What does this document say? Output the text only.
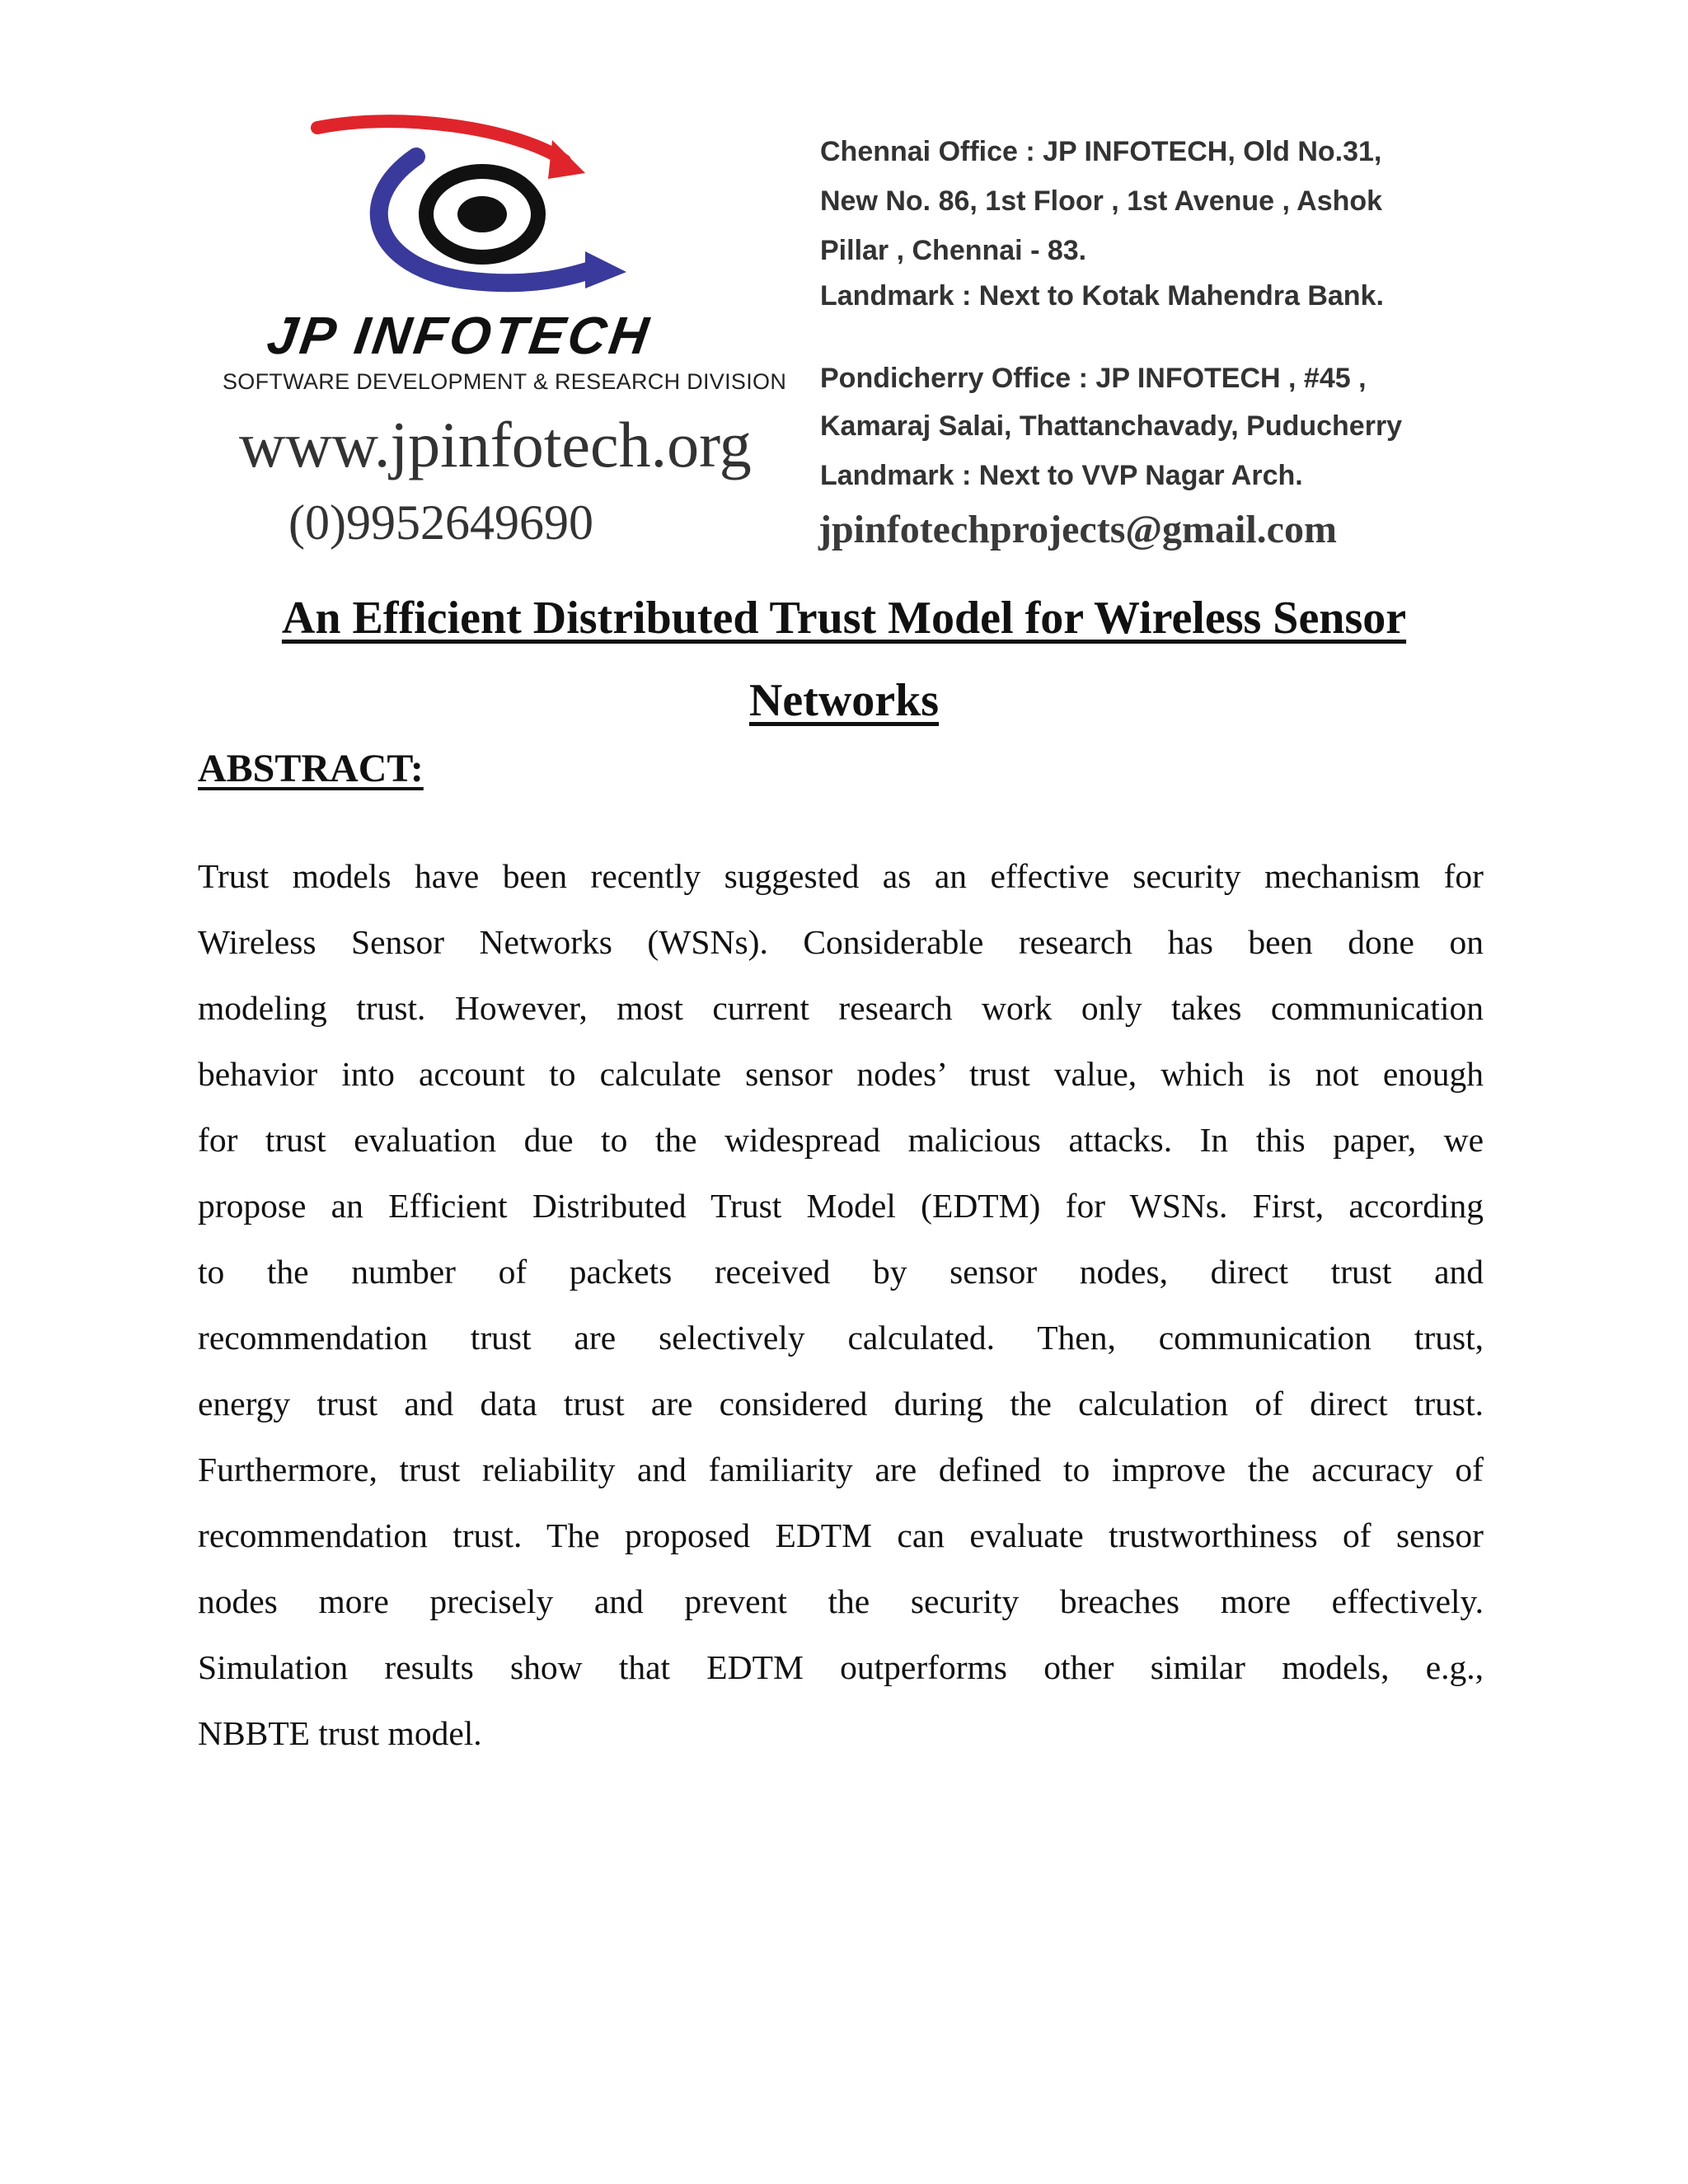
JP INFOTECH
SOFTWARE DEVELOPMENT & RESEARCH DIVISION
www.jpinfotech.org
(0)9952649690
Chennai Office : JP INFOTECH, Old No.31,
New No. 86, 1st Floor , 1st Avenue , Ashok
Pillar , Chennai - 83.
Landmark : Next to Kotak Mahendra Bank.
Pondicherry Office : JP INFOTECH , #45 ,
Kamaraj Salai, Thattanchavady, Puducherry
Landmark : Next to VVP Nagar Arch.
jpinfotechprojects@gmail.com
An Efficient Distributed Trust Model for Wireless Sensor
Networks
ABSTRACT:
Trust models have been recently suggested as an effective security mechanism for
Wireless Sensor Networks (WSNs). Considerable research has been done on
modeling trust. However, most current research work only takes communication
behavior into account to calculate sensor nodes’ trust value, which is not enough
for trust evaluation due to the widespread malicious attacks. In this paper, we
propose an Efficient Distributed Trust Model (EDTM) for WSNs. First, according
to the number of packets received by sensor nodes, direct trust and
recommendation trust are selectively calculated. Then, communication trust,
energy trust and data trust are considered during the calculation of direct trust.
Furthermore, trust reliability and familiarity are defined to improve the accuracy of
recommendation trust. The proposed EDTM can evaluate trustworthiness of sensor
nodes more precisely and prevent the security breaches more effectively.
Simulation results show that EDTM outperforms other similar models, e.g.,
NBBTE trust model.
